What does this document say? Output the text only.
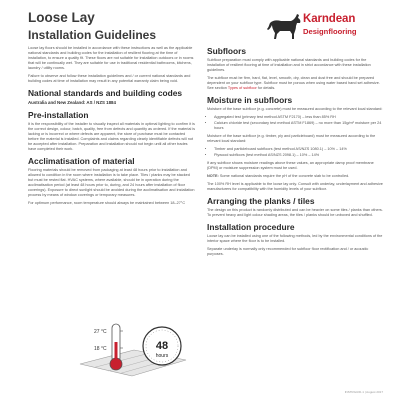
Loose Lay
Installation Guidelines
Karndean
Designflooring

Loose lay floors should be installed in accordance with these instructions as well as the applicable national standards and building codes for the installation of resilient flooring at the time of installation, to ensure a quality fit. These floors are not suitable for installation outdoors or in rooms that will be continually wet. They are suitable for use in traditional residential bathrooms, kitchens, laundry / utility rooms.

Failure to observe and follow these installation guidelines and / or current national standards and building codes at time of installation may result in any potential warranty claim being void.

National standards and building codes
Australia and New Zealand: AS / NZS 1884
Pre-installation

It is the responsibility of the installer to visually inspect all materials in optimal lighting to confirm it is the correct design, colour, batch, quality, free from defects and quantity as ordered. If the material is lacking or is incorrect or where defects are apparent, the store of purchase must be contacted before the material is installed. Complaints and claims regarding clearly identifiable defects will not be accepted after installation. Preparation and installation should not begin until all other trades have completed their work.

Acclimatisation of material

Flooring materials should be removed from packaging at least 48 hours prior to installation and allowed to condition in the room where installation is to take place. Tiles / planks may be stacked but must be rested flat. HVAC systems, where available, should be in operation during the acclimatisation period (at least 48 hours prior to, during, and 24 hours after installation of floor coverings). Exposure to direct sunlight should be avoided during the acclimatisation and installation process by means of window coverings or temporary measures.

For optimum performance, room temperature should always be maintained between 18–27°C

27 °C
18 °C	48
hours
Subfloors

Subfloor preparation must comply with applicable national standards and building codes for the installation of resilient flooring at time of installation and in strict accordance with these installation guidelines.

The subfloor must be firm, hard, flat, level, smooth, dry, clean and dust free and should be prepared dependent on your subfloor type. Subfloor must be porous when using water based hand set adhesive. See section Types of subfloor for details.

Moisture in subfloors

Moisture of the base subfloor (e.g. concrete) must be measured according to the relevant local standard:

• Aggregated test (primary test method ASTM F2170) – less than 85% RH
• Calcium chloride test (secondary test method ASTM F1869) – no more than 15g/m² moisture per 24 hours

Moisture of the base subfloor (e.g. timber, ply and particleboard) must be measured according to the relevant local standard:

• Timber and particleboard subfloors (test method AS/NZS 1080.1) – 10% – 14%
• Plywood subfloors (test method AS/NZS 2098.1) – 10% – 14%

If any subfloor shows moisture readings above these values, an appropriate damp proof membrane (DPM) or moisture suppression system must be used.

NOTE: Some national standards require the pH of the concrete slab to be controlled.

The 100% RH level is applicable to the loose lay only. Consult with underlay, underlayment and adhesive manufacturers for compatibility with the humidity levels of your subfloor.

Arranging the planks / tiles

The design on this product is randomly distributed and can be heavier on some tiles / planks than others. To prevent heavy and light colour shading areas, the tiles / planks should be unboxed and shuffled.

Installation procedure

Loose lay can be installed using one of the following methods, led by the environmental conditions of the interior space where the floor is to be installed.

Separate underlay is normally only recommended for subfloor floor rectification and / or acoustic purposes.

INSTRGUID-1 | August 2017
